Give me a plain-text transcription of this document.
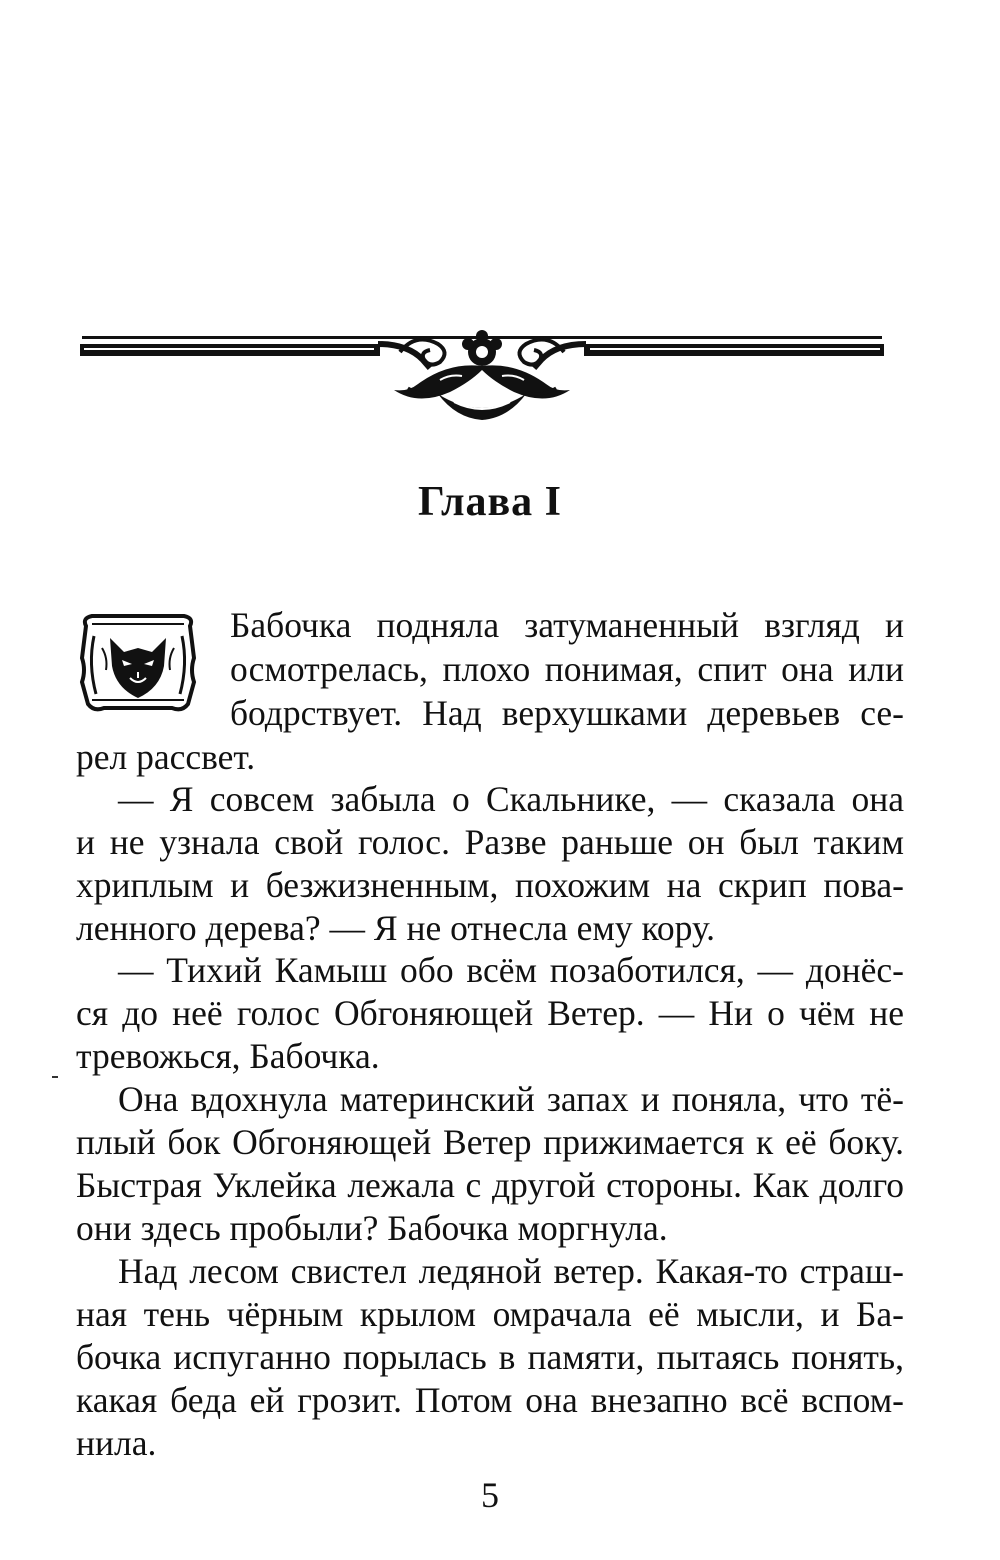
Глава I

Бабочка подняла затуманенный взгляд и

осмотрелась, плохо понимая, спит она или

бодрствует. Над верхушками деревьев се-

рел рассвет.

— Я совсем забыла о Скальнике, — сказала она

и не узнала свой голос. Разве раньше он был таким

хриплым и безжизненным, похожим на скрип пова-

ленного дерева? — Я не отнесла ему кору.

— Тихий Камыш обо всём позаботился, — донёс-

ся до неё голос Обгоняющей Ветер. — Ни о чём не

тревожься, Бабочка.

Она вдохнула материнский запах и поняла, что тё-

плый бок Обгоняющей Ветер прижимается к её боку.

Быстрая Уклейка лежала с другой стороны. Как долго

они здесь пробыли? Бабочка моргнула.

Над лесом свистел ледяной ветер. Какая-то страш-

ная тень чёрным крылом омрачала её мысли, и Ба-

бочка испуганно порылась в памяти, пытаясь понять,

какая беда ей грозит. Потом она внезапно всё вспом-

нила.

5
